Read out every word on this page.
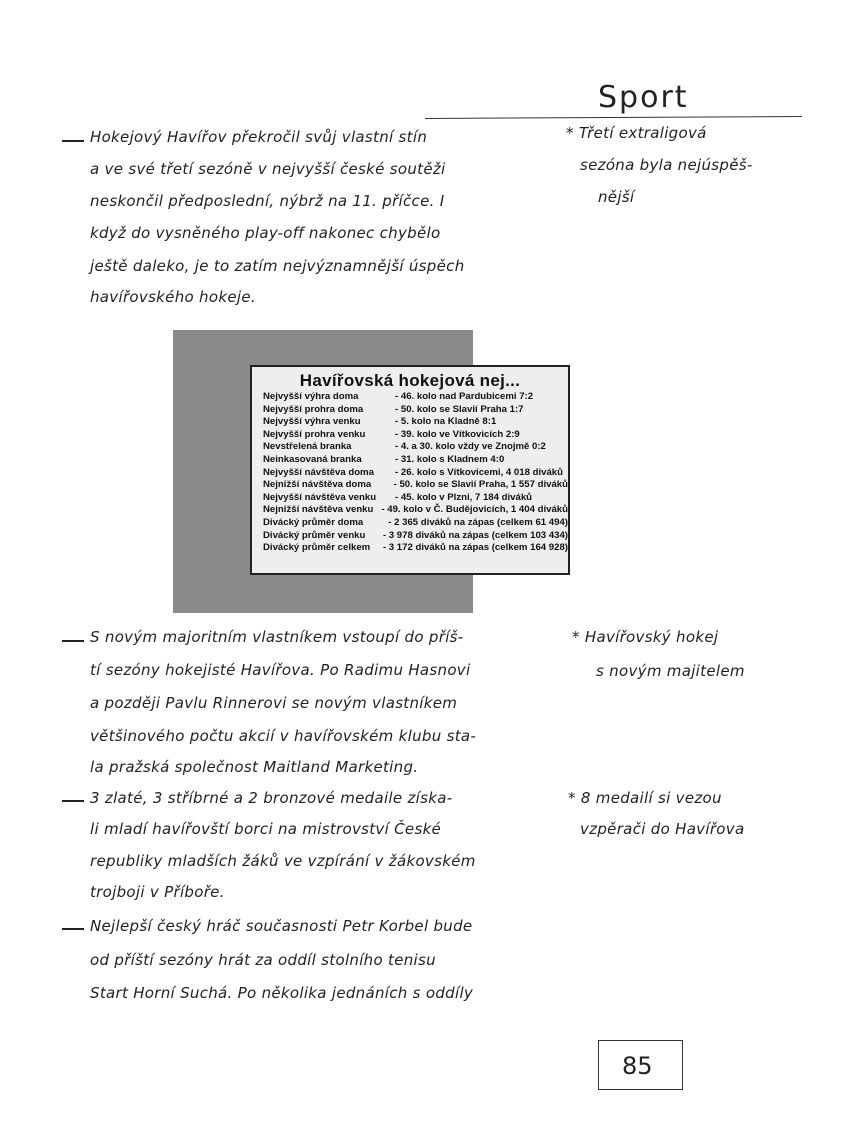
Sport
Hokejový Havířov překročil svůj vlastní stín
a ve své třetí sezóně v nejvyšší české soutěži
neskončil předposlední, nýbrž na 11. příčce. I
když do vysněného play-off nakonec chybělo
ještě daleko, je to zatím nejvýznamnější úspěch
havířovského hokeje.
* Třetí extraligová
sezóna byla nejúspěš-
nější
Havířovská hokejová nej...
Nejvyšší výhra doma	- 46. kolo nad Pardubicemi 7:2
Nejvyšší prohra doma	- 50. kolo se Slavií Praha 1:7
Nejvyšší výhra venku	- 5. kolo na Kladně 8:1
Nejvyšší prohra venku	- 39. kolo ve Vítkovicích 2:9
Nevstřelená branka	- 4. a 30. kolo vždy ve Znojmě 0:2
Neinkasovaná branka	- 31. kolo s Kladnem 4:0
Nejvyšší návštěva doma	- 26. kolo s Vítkovicemi, 4 018 diváků
Nejnižší návštěva doma	- 50. kolo se Slavií Praha, 1 557 diváků
Nejvyšší návštěva venku	- 45. kolo v Plzni, 7 184 diváků
Nejnižší návštěva venku - 49. kolo v Č. Budějovicích, 1 404 diváků
Divácký průměr doma	- 2 365 diváků na zápas (celkem 61 494)
Divácký průměr venku	- 3 978 diváků na zápas (celkem 103 434)
Divácký průměr celkem	- 3 172 diváků na zápas (celkem 164 928)
S novým majoritním vlastníkem vstoupí do příš-
tí sezóny hokejisté Havířova. Po Radimu Hasnovi
a později Pavlu Rinnerovi se novým vlastníkem
většinového počtu akcií v havířovském klubu sta-
la pražská společnost Maitland Marketing.
* Havířovský hokej
s novým majitelem
3 zlaté, 3 stříbrné a 2 bronzové medaile získa-
li mladí havířovští borci na mistrovství České
republiky mladších žáků ve vzpírání v žákovském
trojboji v Příboře.
* 8 medailí si vezou
vzpěrači do Havířova
Nejlepší český hráč současnosti Petr Korbel bude
od příští sezóny hrát za oddíl stolního tenisu
Start Horní Suchá. Po několika jednáních s oddíly
85
